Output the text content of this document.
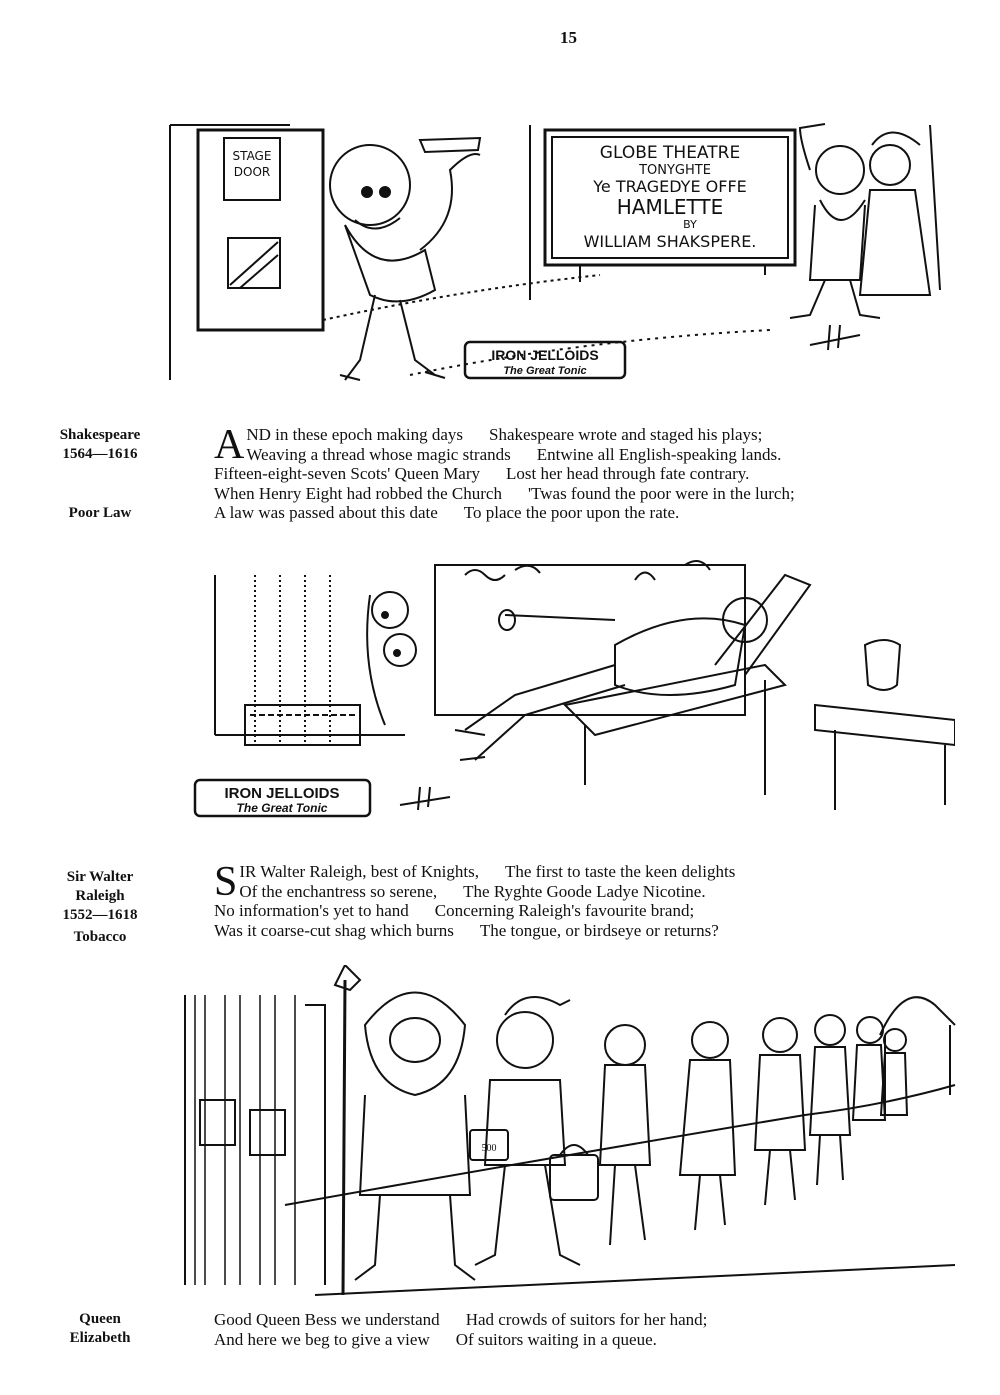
15
GLOBE THEATRE
TONYGHTE
Ye TRAGEDYE OFFE
HAMLETTE
BY
WILLIAM SHAKSPERE.
STAGE
DOOR
IRON JELLOIDS
The Great Tonic
Shakespeare
1564—1616
Poor Law
A ND in these epoch making days Shakespeare wrote and staged his plays;
Weaving a thread whose magic strands Entwine all English-speaking lands.
Fifteen-eight-seven Scots' Queen Mary Lost her head through fate contrary.
When Henry Eight had robbed the Church 'Twas found the poor were in the lurch;
A law was passed about this date To place the poor upon the rate.
IRON JELLOIDS
The Great Tonic
Sir Walter
Raleigh
1552—1618
Tobacco
S IR Walter Raleigh, best of Knights, The first to taste the keen delights
Of the enchantress so serene, The Ryghte Goode Ladye Nicotine.
No information's yet to hand Concerning Raleigh's favourite brand;
Was it coarse-cut shag which burns The tongue, or birdseye or returns?
500
Queen
Elizabeth
Good Queen Bess we understand Had crowds of suitors for her hand;
And here we beg to give a view Of suitors waiting in a queue.
